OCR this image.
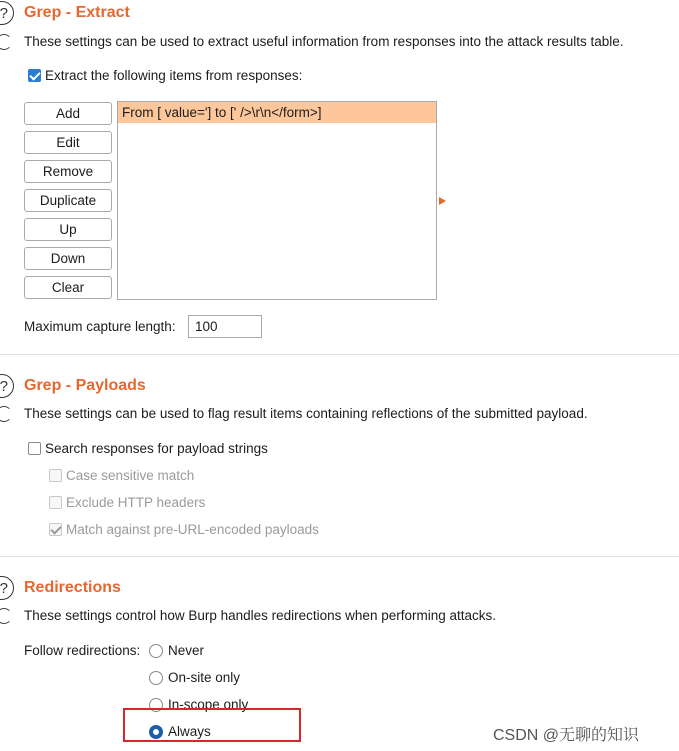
?	Grep - Extract
These settings can be used to extract useful information from responses into the attack results table.
Extract the following items from responses:
Add
Edit
Remove
Duplicate
Up
Down
Clear
From [ value='] to [' />\r\n</form>]
Maximum capture length:	100
?	Grep - Payloads
These settings can be used to flag result items containing reflections of the submitted payload.
Search responses for payload strings
Case sensitive match
Exclude HTTP headers
Match against pre-URL-encoded payloads
?	Redirections
These settings control how Burp handles redirections when performing attacks.
Follow redirections: Never
On-site only
In-scope only
Always	CSDN @无聊的知识
